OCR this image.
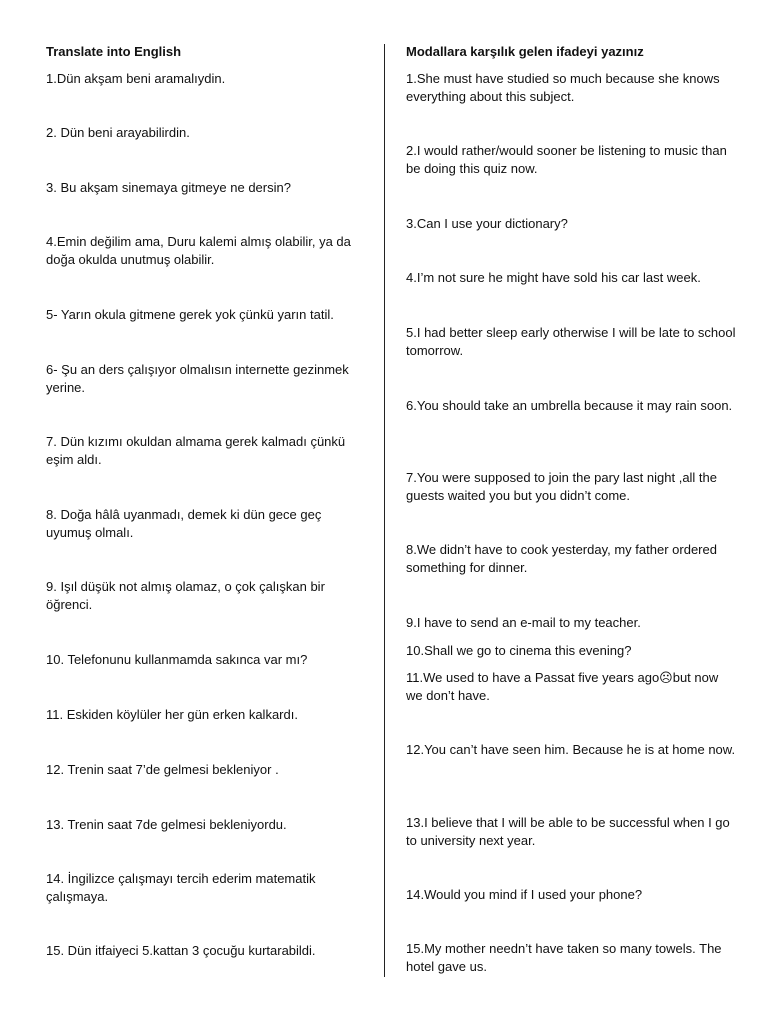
Translate into English
1.Dün akşam beni aramalıydin.
2. Dün beni arayabilirdin.
3. Bu akşam sinemaya gitmeye ne dersin?
4.Emin değilim ama, Duru kalemi almış olabilir, ya da doğa okulda unutmuş olabilir.
5- Yarın okula gitmene gerek yok çünkü yarın tatil.
6- Şu an ders çalışıyor olmalısın internette gezinmek yerine.
7. Dün kızımı okuldan almama gerek kalmadı çünkü eşim aldı.
8. Doğa hâlâ uyanmadı, demek ki dün gece geç uyumuş olmalı.
9. Işıl düşük not almış olamaz, o çok çalışkan bir öğrenci.
10. Telefonunu kullanmamda sakınca var mı?
11. Eskiden köylüler her gün erken kalkardı.
12. Trenin saat 7’de gelmesi bekleniyor .
13. Trenin saat 7de gelmesi bekleniyordu.
14. İngilizce çalışmayı tercih ederim matematik çalışmaya.
15. Dün itfaiyeci 5.kattan 3 çocuğu kurtarabildi.
Modallara karşılık gelen ifadeyi yazınız
1.She must have studied so much because she knows everything about this subject.
2.I would rather/would sooner be listening to music than be doing this quiz now.
3.Can I use your dictionary?
4.I’m not sure he might have sold his car last week.
5.I had better sleep early otherwise I will be late to school tomorrow.
6.You should take an umbrella because it may rain soon.
7.You were supposed to join the pary last night ,all the guests waited you but you didn’t come.
8.We didn’t have to cook yesterday, my father ordered something for dinner.
9.I have to send an e-mail to my teacher.
10.Shall we go to cinema this evening?
11.We used to have a Passat five years ago☹but now we don’t have.
12.You can’t have seen him. Because he is at home now.
13.I believe that I will be able to be successful when I go to university next year.
14.Would you mind if I used your phone?
15.My mother needn’t have taken so many towels. The hotel gave us.
